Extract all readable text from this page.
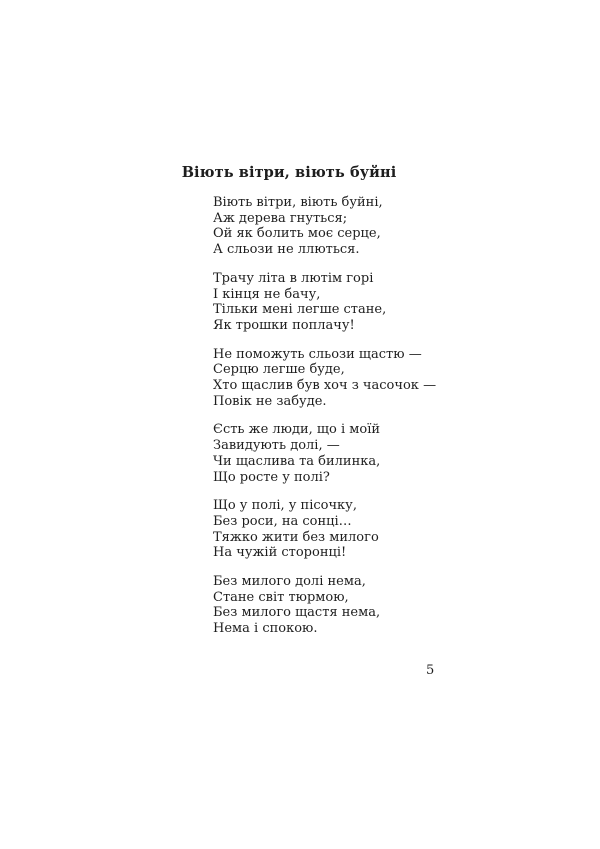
Віють вітри, віють буйні
Віють вітри, віють буйні,
Аж дерева гнуться;
Ой як болить моє серце,
А сльози не ллються.
Трачу літа в лютім горі
І кінця не бачу,
Тільки мені легше стане,
Як трошки поплачу!
Не поможуть сльози щастю —
Серцю легше буде,
Хто щаслив був хоч з часочок —
Повік не забуде.
Єсть же люди, що і моїй
Завидують долі, —
Чи щаслива та билинка,
Що росте у полі?
Що у полі, у пісочку,
Без роси, на сонці…
Тяжко жити без милого
На чужій сторонці!
Без милого долі нема,
Стане світ тюрмою,
Без милого щастя нема,
Нема і спокою.
5
